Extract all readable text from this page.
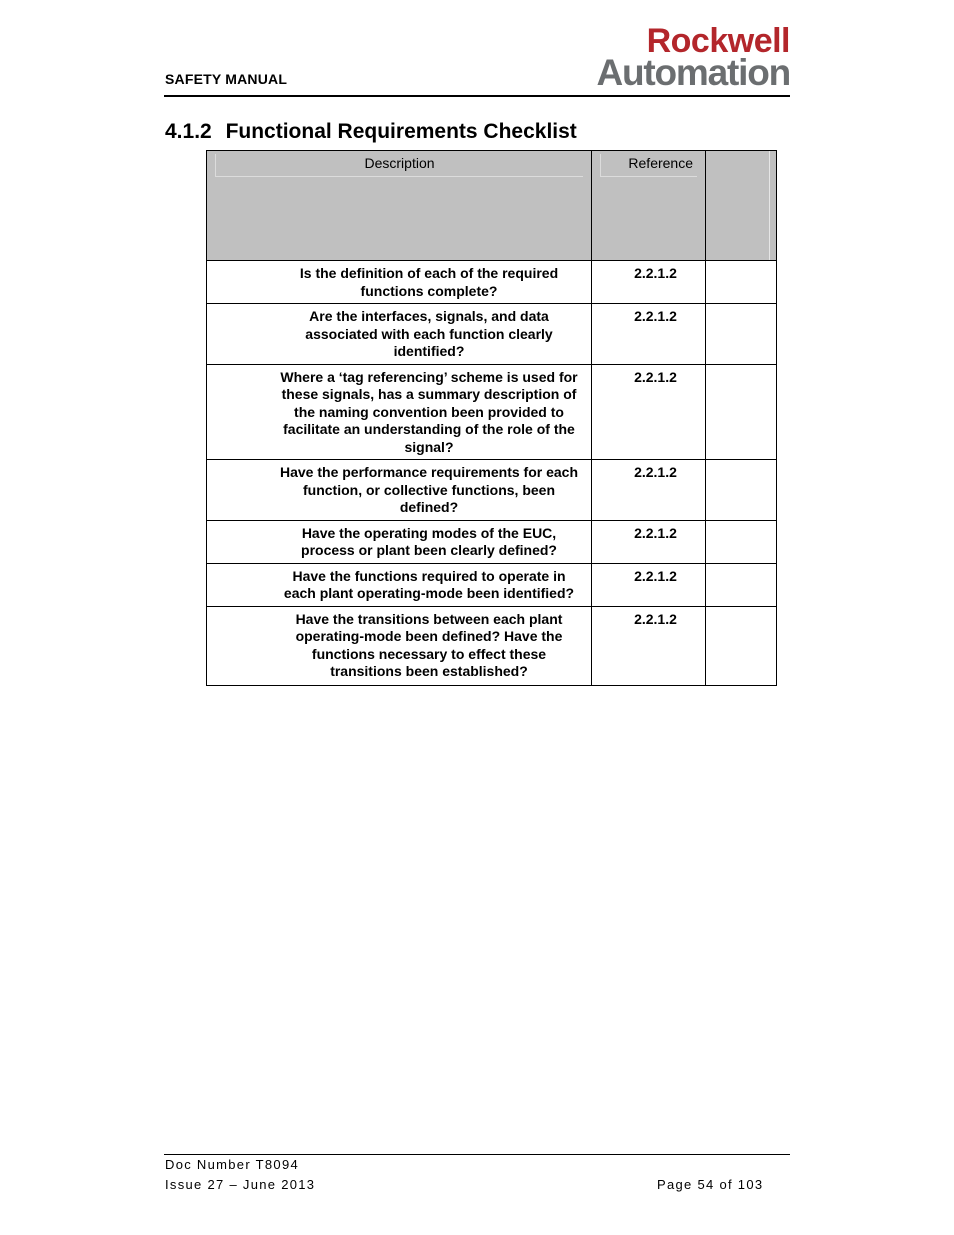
SAFETY MANUAL
Rockwell
Automation
4.1.2 Functional Requirements Checklist
Description	Reference	

Is the definition of each of the required functions complete?	2.2.1.2	
Are the interfaces, signals, and data associated with each function clearly identified?	2.2.1.2	
Where a ‘tag referencing’ scheme is used for these signals, has a summary description of the naming convention been provided to facilitate an understanding of the role of the signal?	2.2.1.2	
Have the performance requirements for each function, or collective functions, been defined?	2.2.1.2	
Have the operating modes of the EUC, process or plant been clearly defined?	2.2.1.2	
Have the functions required to operate in each plant operating-mode been identified?	2.2.1.2	
Have the transitions between each plant operating-mode been defined? Have the functions necessary to effect these transitions been established?	2.2.1.2	
Doc Number T8094
Issue 27 – June 2013	Page 54 of 103
